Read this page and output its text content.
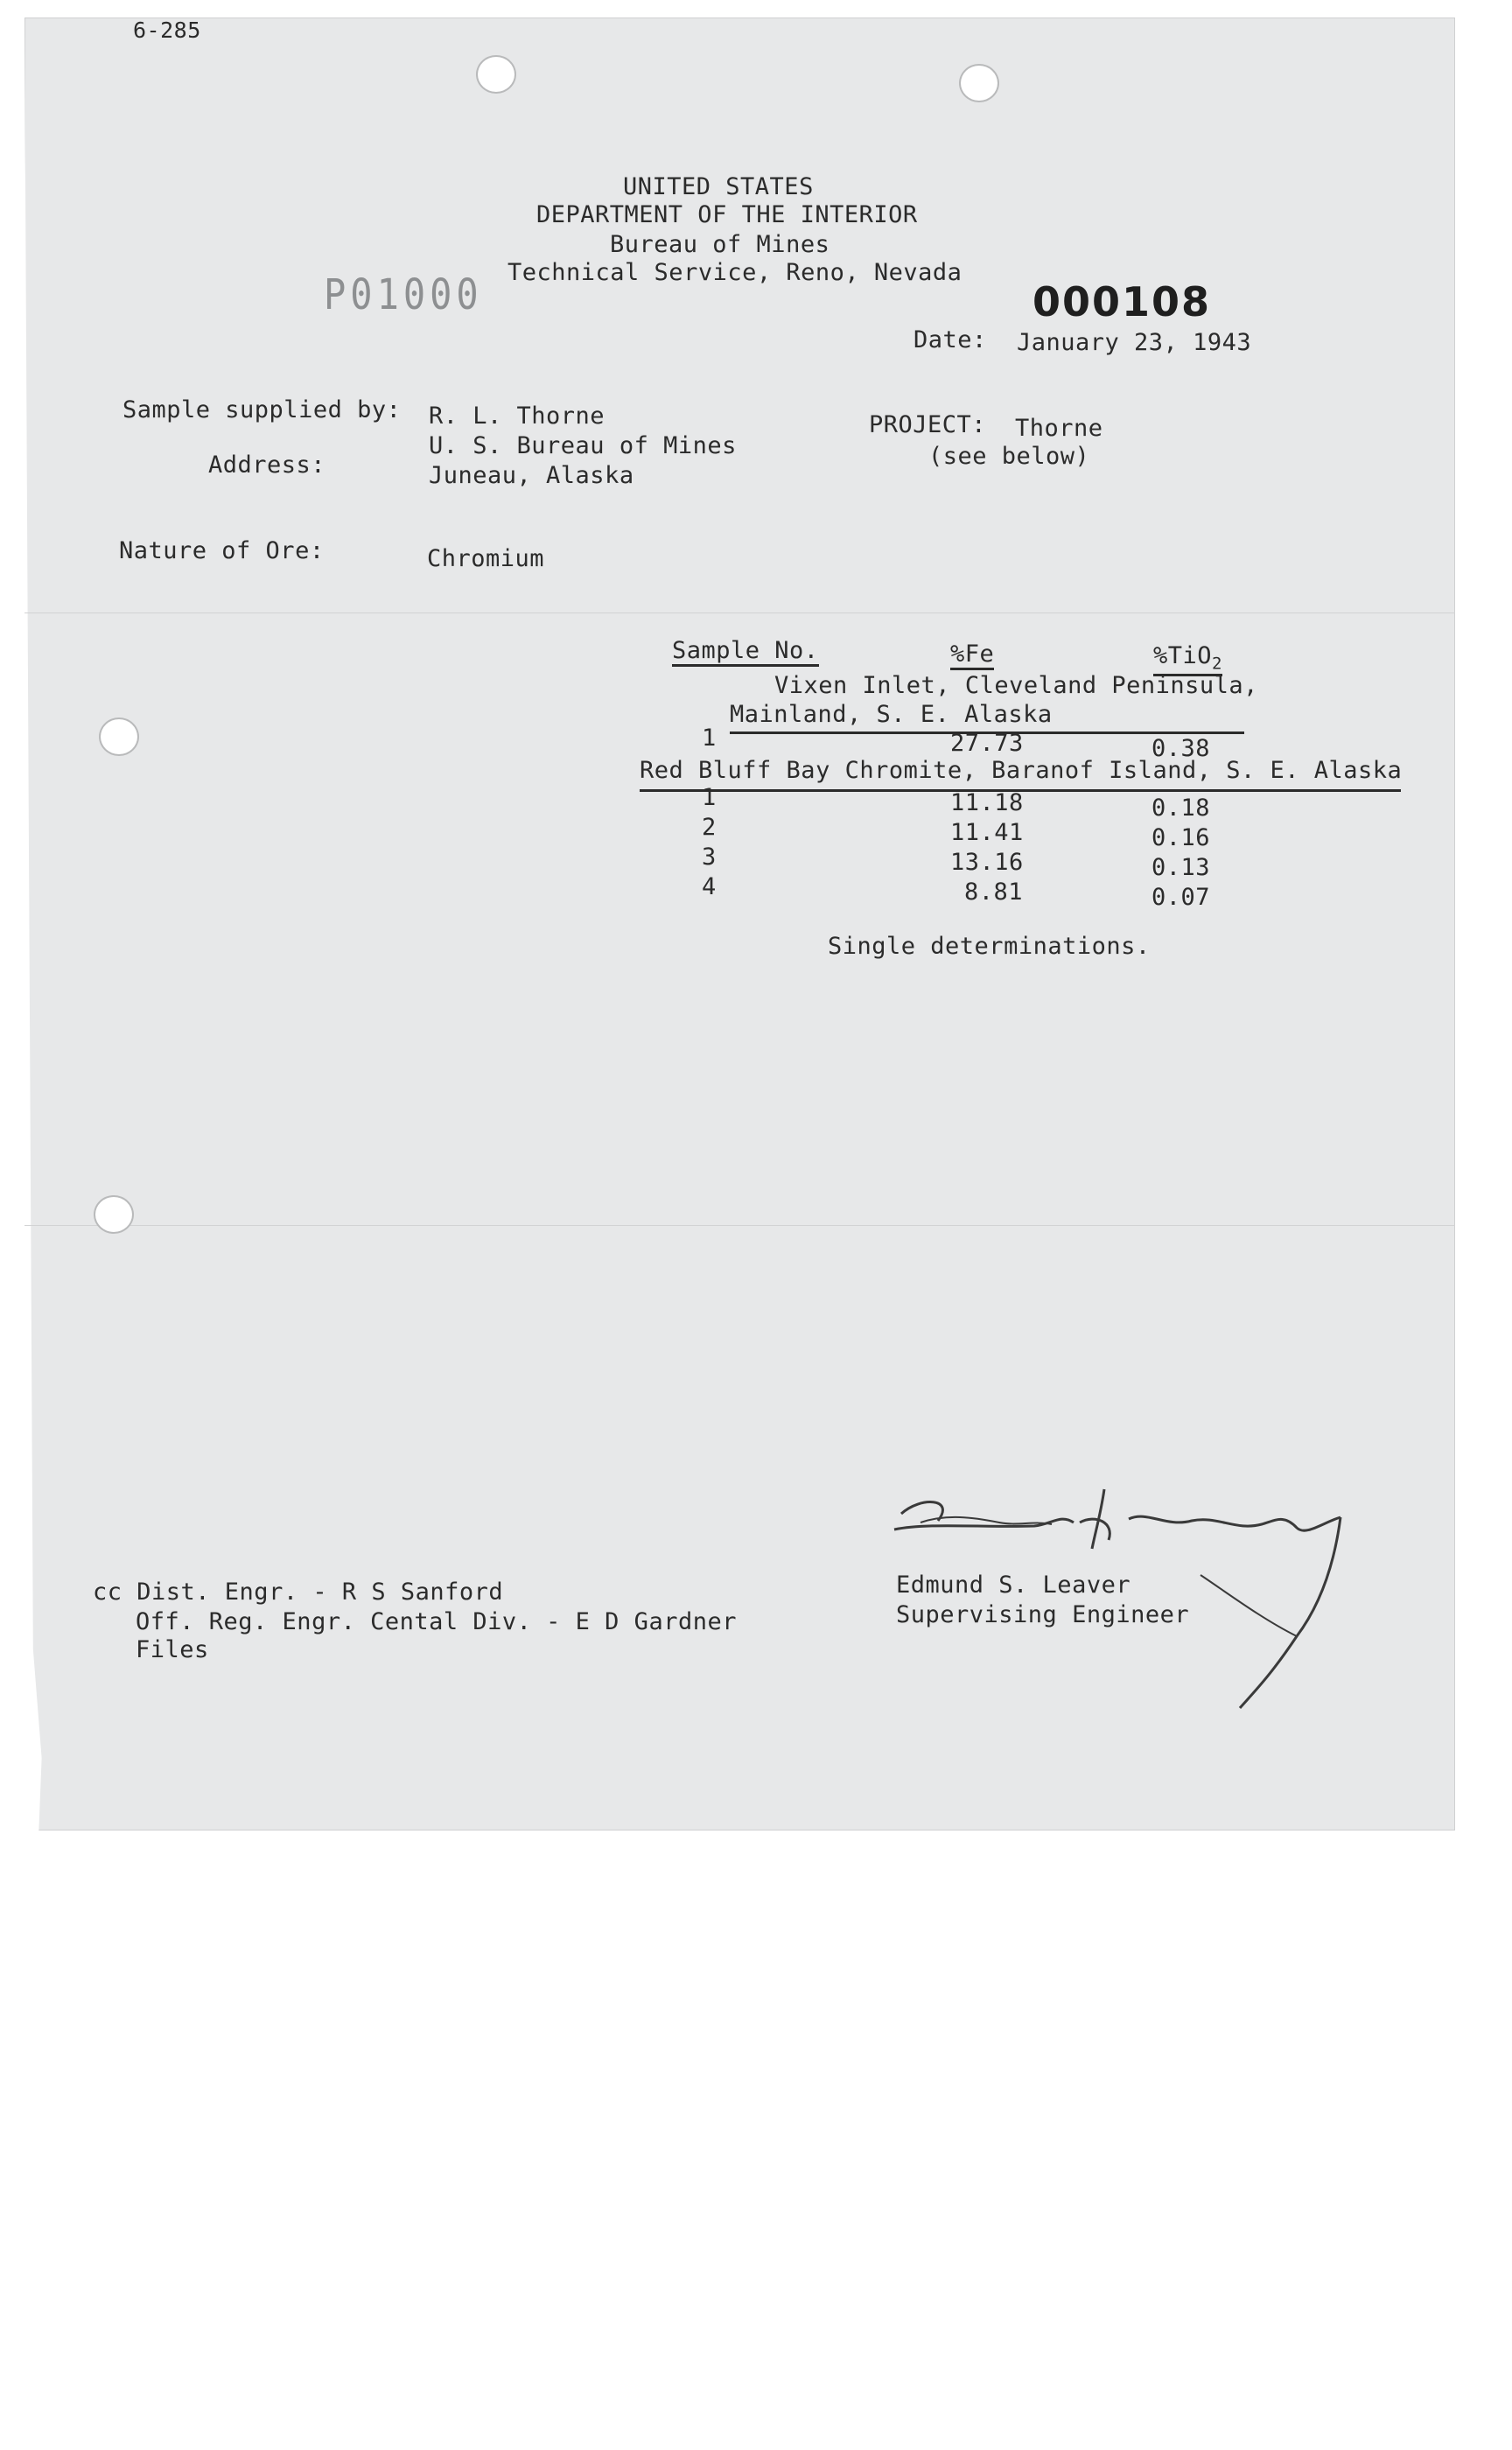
6-285
UNITED STATES
DEPARTMENT OF THE INTERIOR
Bureau of Mines
Technical Service, Reno, Nevada
P01000	000108
Date: January 23, 1943
Sample supplied by: R. L. Thorne
U. S. Bureau of Mines
Address:	Juneau, Alaska
PROJECT: Thorne
(see below)
Nature of Ore:	Chromium
Sample No.	%Fe	%TiO$_2$
Vixen Inlet, Cleveland Peninsula,
Mainland, S. E. Alaska
1	27.73	0.38
Red Bluff Bay Chromite, Baranof Island, S. E. Alaska
1	11.18	0.18
2	11.41	0.16
3	13.16	0.13
4	8.81	0.07
Single determinations.
Edmund S. Leaver
Supervising Engineer
cc Dist. Engr. - R S Sanford
Off. Reg. Engr. Cental Div. - E D Gardner
Files
